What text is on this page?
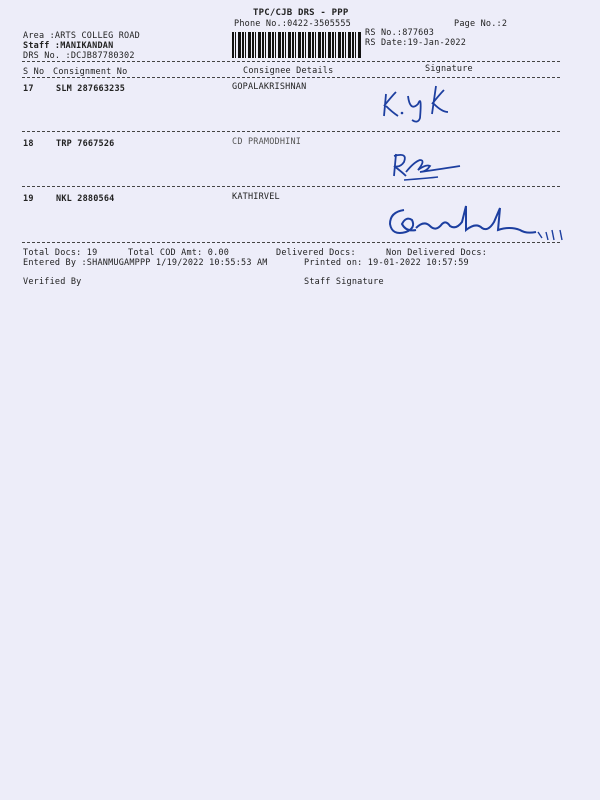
TPC/CJB DRS - PPP
Phone No.:0422-3505555	Page No.:2
RS No.:877603
RS Date:19-Jan-2022
Area :ARTS COLLEG ROAD
Staff :MANIKANDAN
DRS No. :DCJB87780302
S No Consignment No	Consignee Details	Signature
17	SLM 287663235	GOPALAKRISHNAN
18	TRP 7667526	CD PRAMODHINI
19	NKL 2880564	KATHIRVEL
Total Docs: 19	Total COD Amt: 0.00	Delivered Docs:	Non Delivered Docs:
Entered By :SHANMUGAMPPP 1/19/2022 10:55:53 AM	Printed on: 19-01-2022 10:57:59
Verified By	Staff Signature
